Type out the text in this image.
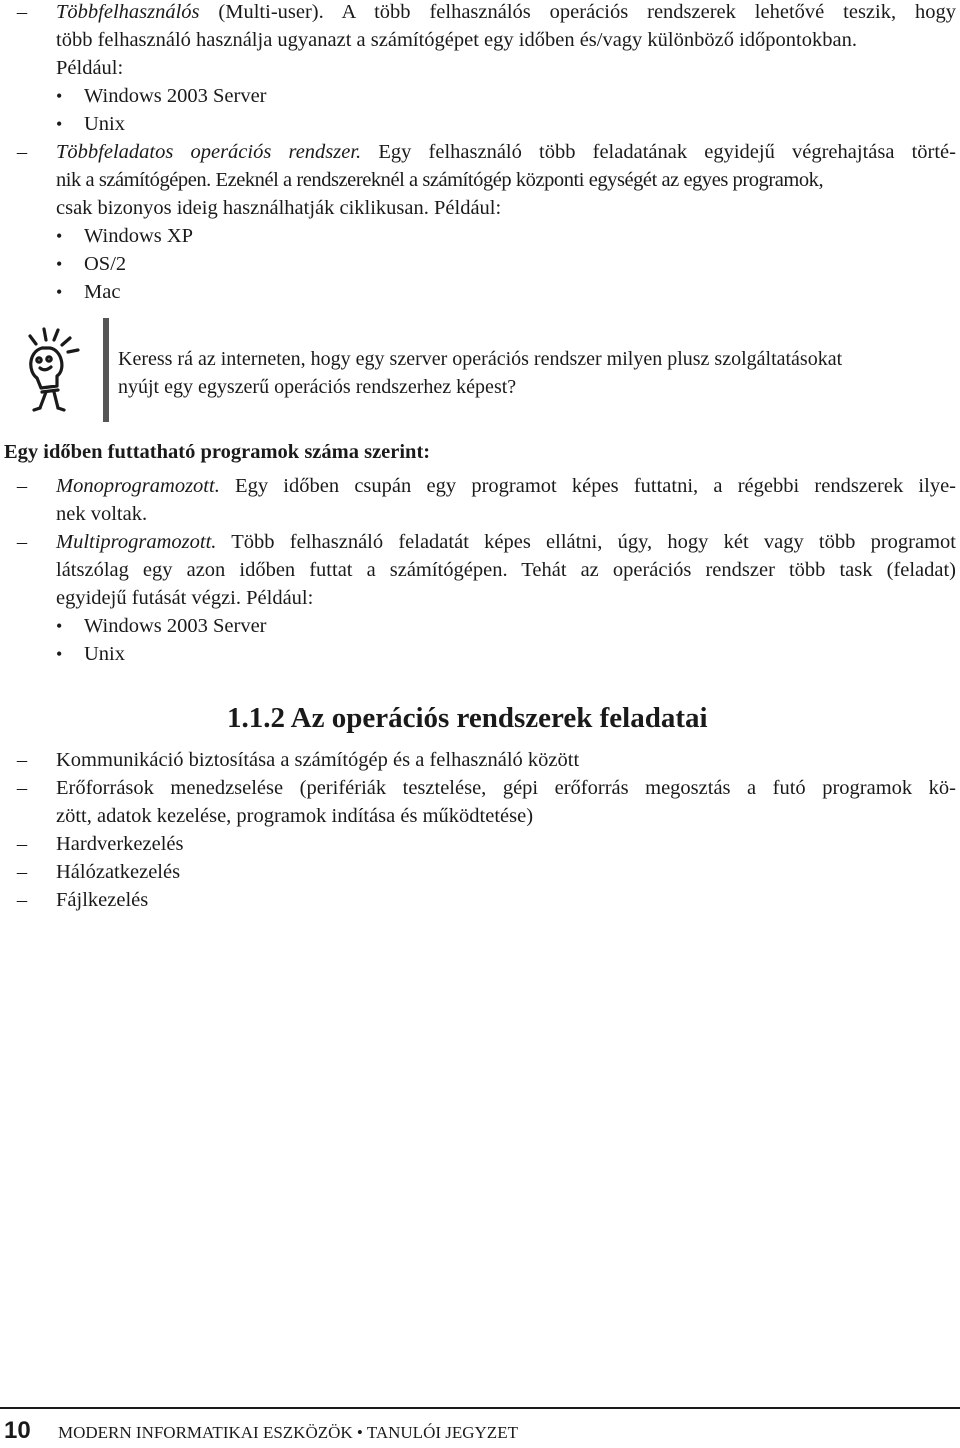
–	Többfelhasználós (Multi-user). A több felhasználós operációs rendszerek lehetővé teszik, hogy
több felhasználó használja ugyanazt a számítógépet egy időben és/vagy különböző időpontokban.
Például:
• Windows 2003 Server
• Unix
–	Többfeladatos operációs rendszer. Egy felhasználó több feladatának egyidejű végrehajtása törté-
nik a számítógépen. Ezeknél a rendszereknél a számítógép központi egységét az egyes programok,
csak bizonyos ideig használhatják ciklikusan. Például:
• Windows XP
• OS/2
• Mac
Keress rá az interneten, hogy egy szerver operációs rendszer milyen plusz szolgáltatásokat
nyújt egy egyszerű operációs rendszerhez képest?
Egy időben futtatható programok száma szerint:
–	Monoprogramozott. Egy időben csupán egy programot képes futtatni, a régebbi rendszerek ilye-
nek voltak.
–	Multiprogramozott. Több felhasználó feladatát képes ellátni, úgy, hogy két vagy több programot
látszólag egy azon időben futtat a számítógépen. Tehát az operációs rendszer több task (feladat)
egyidejű futását végzi. Például:
• Windows 2003 Server
• Unix
1.1.2 Az operációs rendszerek feladatai
–	Kommunikáció biztosítása a számítógép és a felhasználó között
–	Erőforrások menedzselése (perifériák tesztelése, gépi erőforrás megosztás a futó programok kö-
zött, adatok kezelése, programok indítása és működtetése)
–	Hardverkezelés
–	Hálózatkezelés
–	Fájlkezelés
10 MODERN INFORMATIKAI ESZKÖZÖK • TANULÓI JEGYZET
